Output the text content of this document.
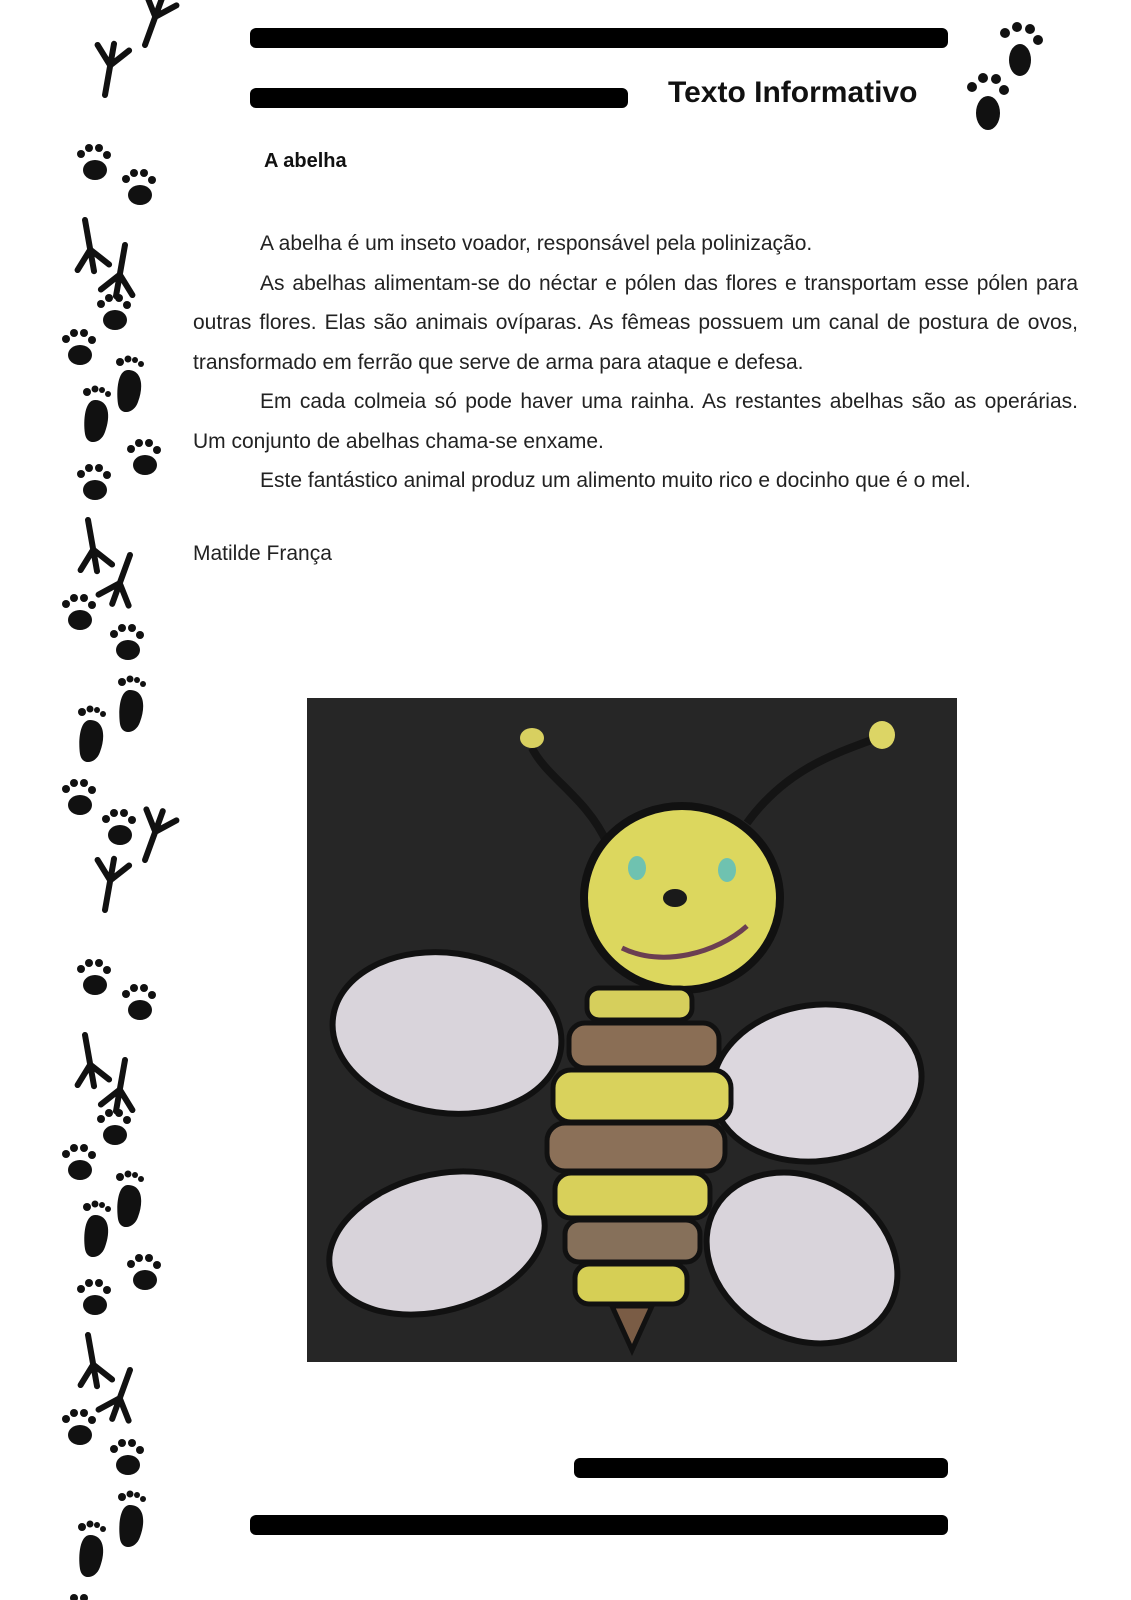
Texto Informativo
A abelha

A abelha é um inseto voador, responsável pela polinização.

As abelhas alimentam-se do néctar e pólen das flores e transportam esse pólen para outras flores. Elas são animais ovíparas. As fêmeas possuem um canal de postura de ovos, transformado em ferrão que serve de arma para ataque e defesa.

Em cada colmeia só pode haver uma rainha. As restantes abelhas são as operárias. Um conjunto de abelhas chama-se enxame.

Este fantástico animal produz um alimento muito rico e docinho que é o mel.

Matilde França
